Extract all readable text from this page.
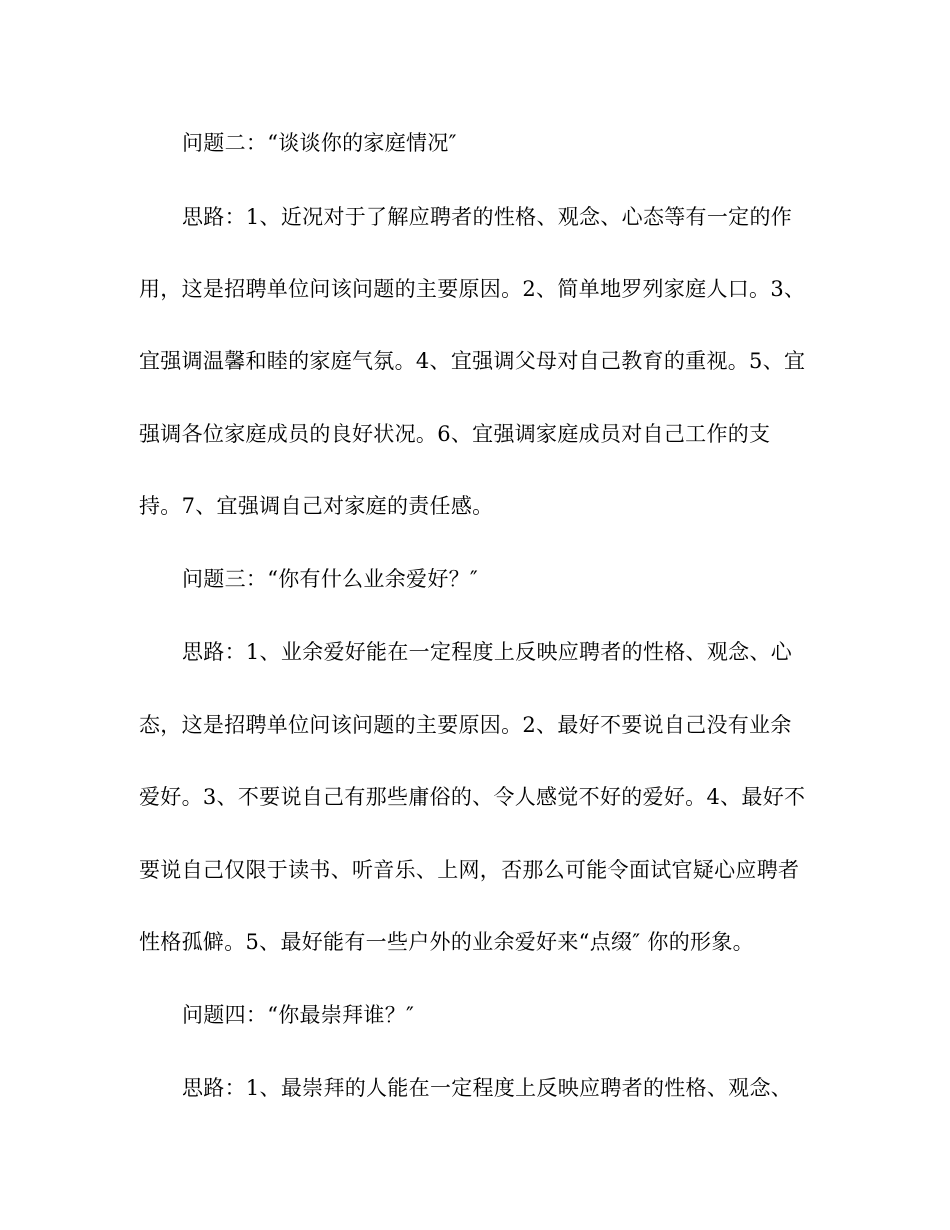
问题二：“谈谈你的家庭情况″
思路：1、近况对于了解应聘者的性格、观念、心态等有一定的作
用，这是招聘单位问该问题的主要原因。2、简单地罗列家庭人口。3、
宜强调温馨和睦的家庭气氛。4、宜强调父母对自己教育的重视。5、宜
强调各位家庭成员的良好状况。6、宜强调家庭成员对自己工作的支
持。7、宜强调自己对家庭的责任感。
问题三：“你有什么业余爱好？″
思路：1、业余爱好能在一定程度上反映应聘者的性格、观念、心
态，这是招聘单位问该问题的主要原因。2、最好不要说自己没有业余
爱好。3、不要说自己有那些庸俗的、令人感觉不好的爱好。4、最好不
要说自己仅限于读书、听音乐、上网，否那么可能令面试官疑心应聘者
性格孤僻。5、最好能有一些户外的业余爱好来“点缀″ 你的形象。
问题四：“你最崇拜谁？″
思路：1、最崇拜的人能在一定程度上反映应聘者的性格、观念、
